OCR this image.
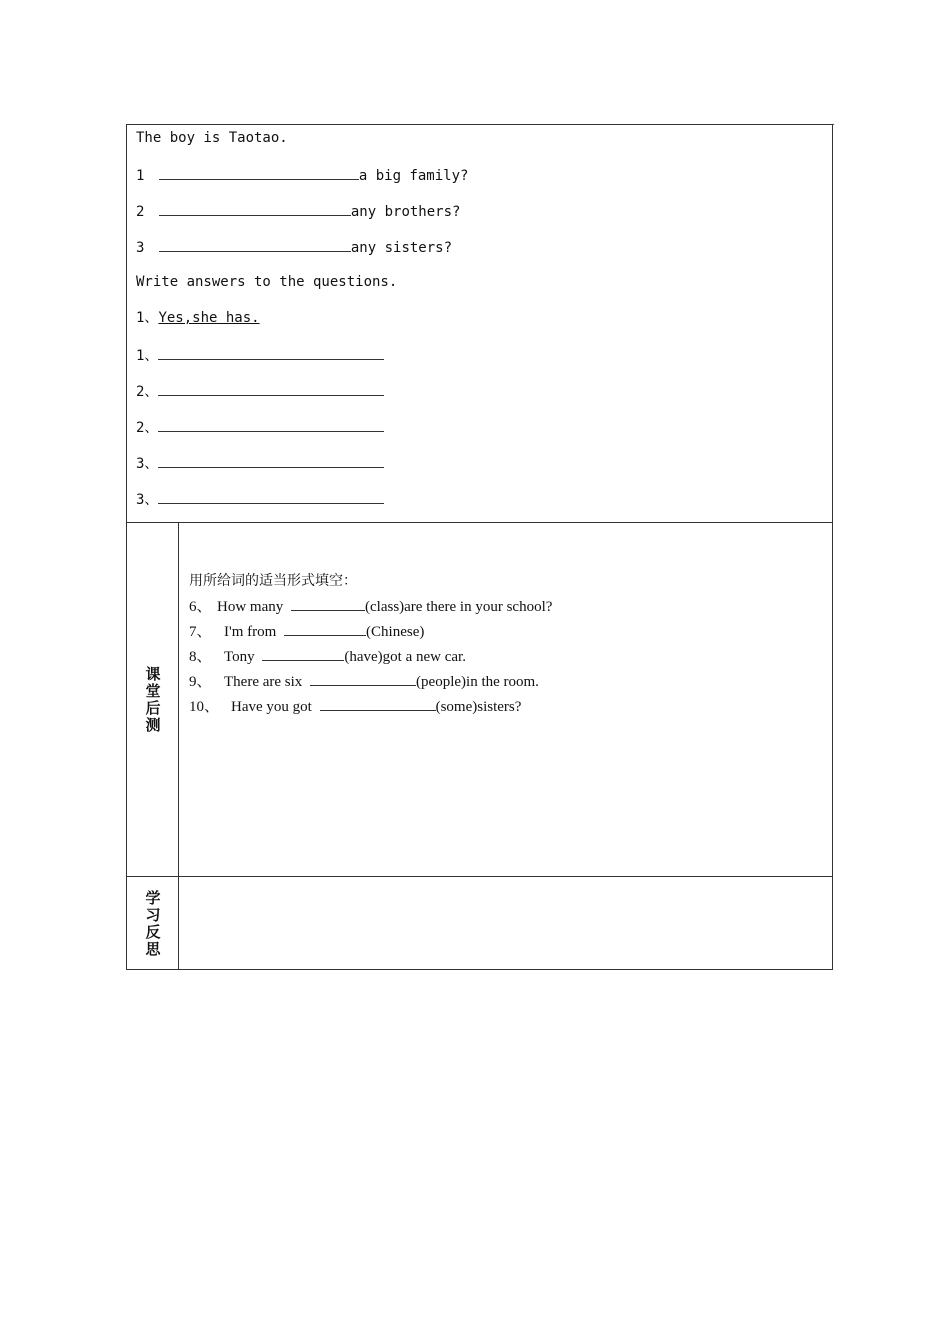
·
The boy is Taotao.
1	a big family?
2	any brothers?
3	any sisters?
Write answers to the questions.
1、Yes,she has.
1、
2、
2、
3、
3、
课堂后测
用所给词的适当形式填空：
6、 How many	(class)are there in your school?
7、 I'm from	(Chinese)
8、 Tony	(have)got a new car.
9、 There are six	(people)in the room.
10、 Have you got	(some)sisters?
学习反思
